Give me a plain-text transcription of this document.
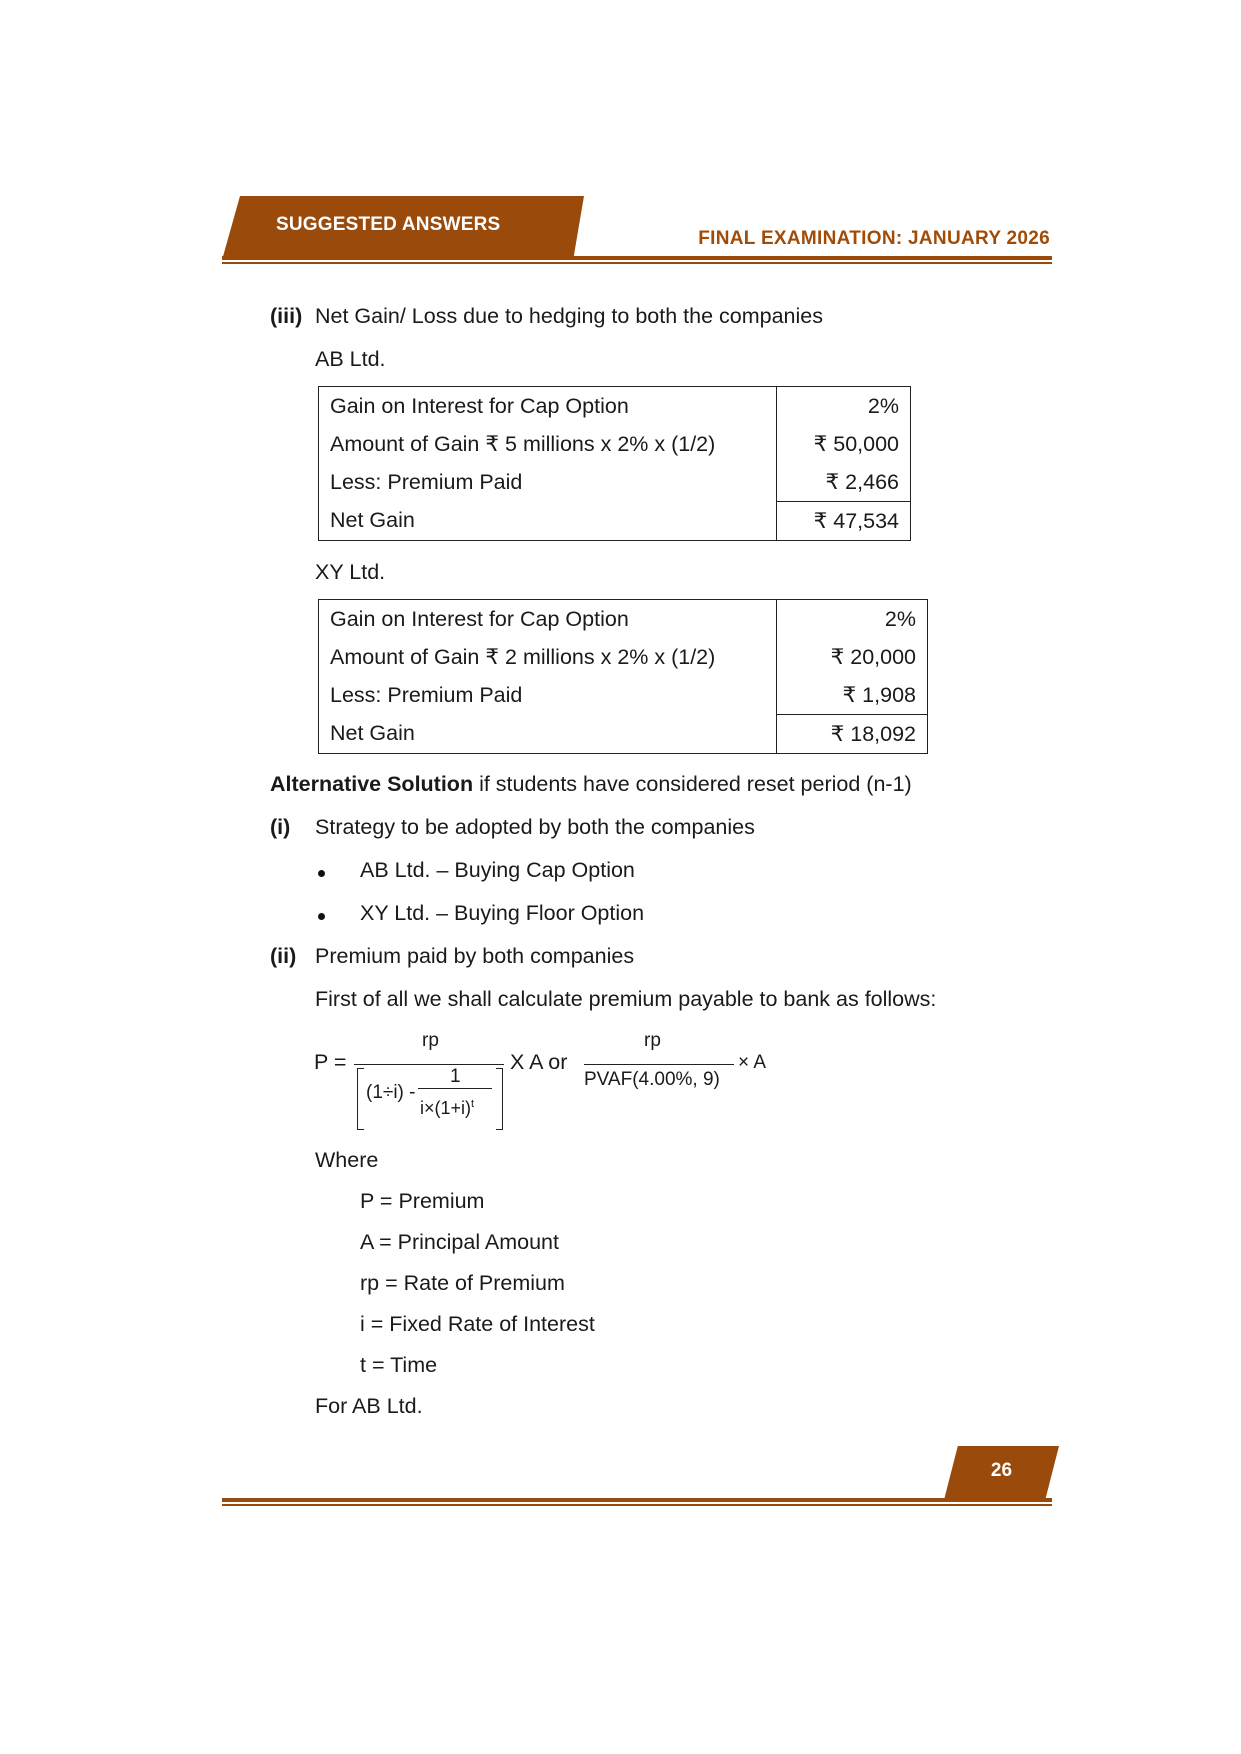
SUGGESTED ANSWERS
FINAL EXAMINATION: JANUARY 2026
(iii) Net Gain/ Loss due to hedging to both the companies
AB Ltd.
Gain on Interest for Cap Option	2%
Amount of Gain ₹ 5 millions x 2% x (1/2)	₹ 50,000
Less: Premium Paid	₹ 2,466
Net Gain	₹ 47,534
XY Ltd.
Gain on Interest for Cap Option	2%
Amount of Gain ₹ 2 millions x 2% x (1/2)	₹ 20,000
Less: Premium Paid	₹ 1,908
Net Gain	₹ 18,092
Alternative Solution if students have considered reset period (n-1)
(i) Strategy to be adopted by both the companies
AB Ltd. – Buying Cap Option
XY Ltd. – Buying Floor Option
(ii) Premium paid by both companies
First of all we shall calculate premium payable to bank as follows:
P =
rp
(1÷i) -
1
$i\times(1+i)^t$
X A or
rp
PVAF(4.00%, 9)
× A
Where
P = Premium
A = Principal Amount
rp = Rate of Premium
i = Fixed Rate of Interest
t = Time
For AB Ltd.
26
